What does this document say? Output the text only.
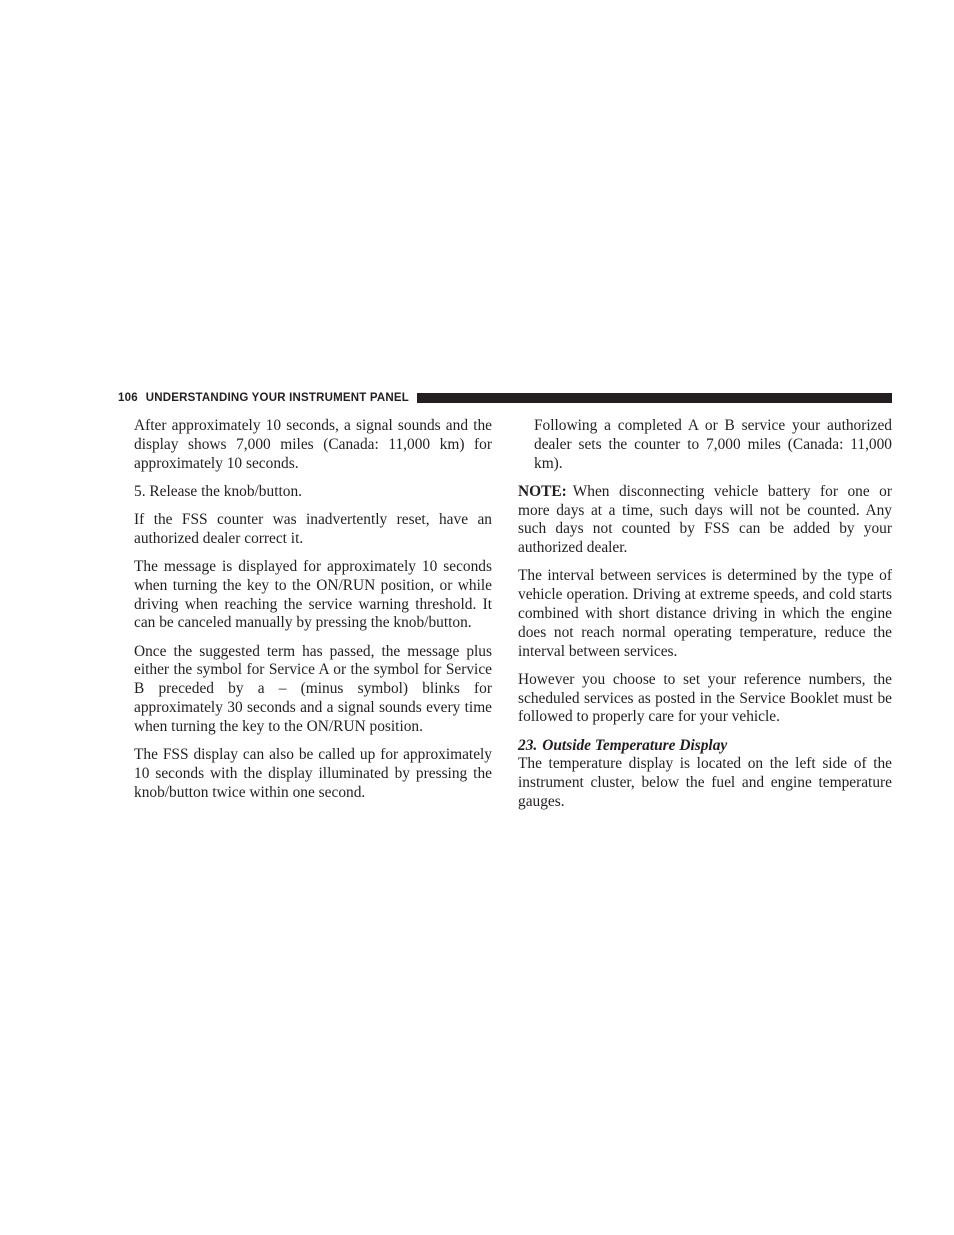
106 UNDERSTANDING YOUR INSTRUMENT PANEL

After approximately 10 seconds, a signal sounds and the display shows 7,000 miles (Canada: 11,000 km) for approximately 10 seconds.

5. Release the knob/button.

If the FSS counter was inadvertently reset, have an authorized dealer correct it.

The message is displayed for approximately 10 seconds when turning the key to the ON/RUN position, or while driving when reaching the service warning threshold. It can be canceled manually by pressing the knob/button.

Once the suggested term has passed, the message plus either the symbol for Service A or the symbol for Service B preceded by a – (minus symbol) blinks for approximately 30 seconds and a signal sounds every time when turning the key to the ON/RUN position.

The FSS display can also be called up for approximately 10 seconds with the display illuminated by pressing the knob/button twice within one second.

Following a completed A or B service your authorized dealer sets the counter to 7,000 miles (Canada: 11,000 km).

NOTE: When disconnecting vehicle battery for one or more days at a time, such days will not be counted. Any such days not counted by FSS can be added by your authorized dealer.

The interval between services is determined by the type of vehicle operation. Driving at extreme speeds, and cold starts combined with short distance driving in which the engine does not reach normal operating temperature, reduce the interval between services.

However you choose to set your reference numbers, the scheduled services as posted in the Service Booklet must be followed to properly care for your vehicle.

23. Outside Temperature Display

The temperature display is located on the left side of the instrument cluster, below the fuel and engine temperature gauges.
